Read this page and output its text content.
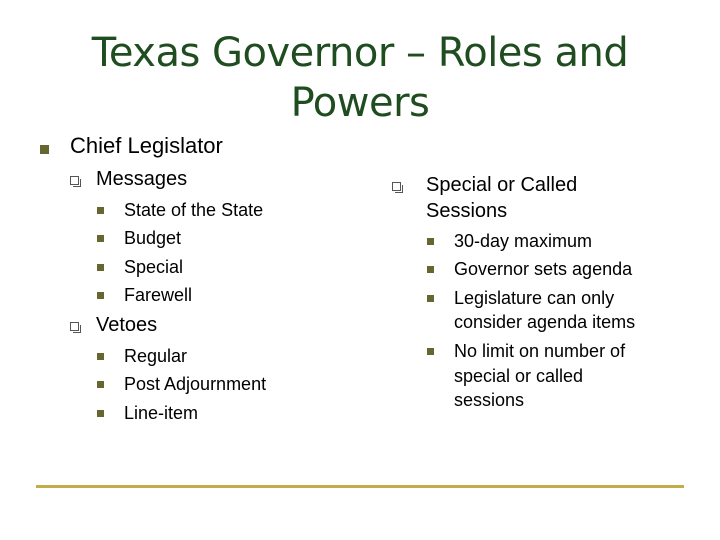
Texas Governor – Roles and
Powers
Chief Legislator
Messages
State of the State
Budget
Special
Farewell
Vetoes
Regular
Post Adjournment
Line-item
Special or Called
Sessions
30-day maximum
Governor sets agenda
Legislature can only
consider agenda items
No limit on number of
special or called
sessions
